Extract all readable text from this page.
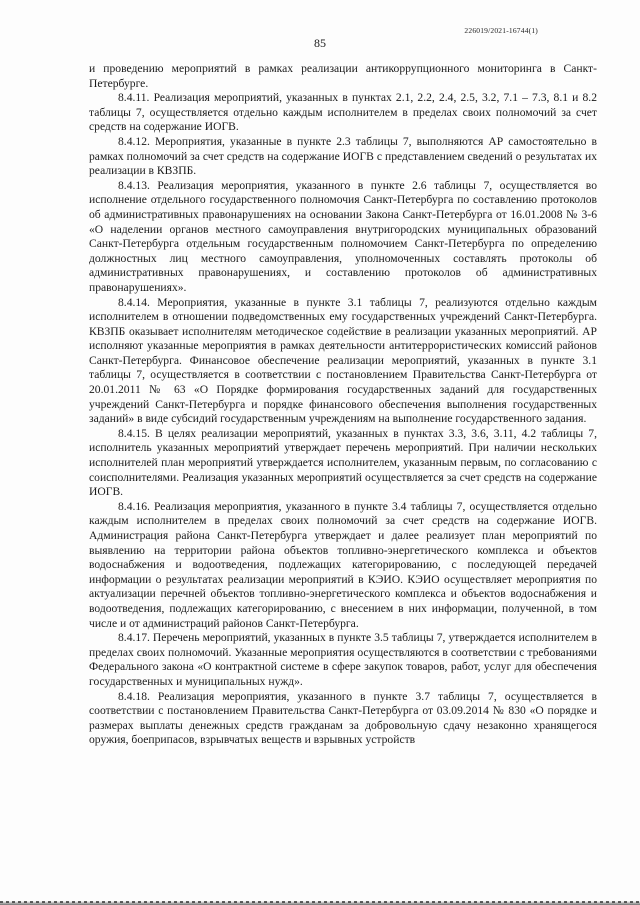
226019/2021-16744(1)
85

и проведению мероприятий в рамках реализации антикоррупционного мониторинга в Санкт-Петербурге.

8.4.11. Реализация мероприятий, указанных в пунктах 2.1, 2.2, 2.4, 2.5, 3.2, 7.1 – 7.3, 8.1 и 8.2 таблицы 7, осуществляется отдельно каждым исполнителем в пределах своих полномочий за счет средств на содержание ИОГВ.

8.4.12. Мероприятия, указанные в пункте 2.3 таблицы 7, выполняются АР самостоятельно в рамках полномочий за счет средств на содержание ИОГВ с представлением сведений о результатах их реализации в КВЗПБ.

8.4.13. Реализация мероприятия, указанного в пункте 2.6 таблицы 7, осуществляется во исполнение отдельного государственного полномочия Санкт-Петербурга по составлению протоколов об административных правонарушениях на основании Закона Санкт-Петербурга от 16.01.2008 № 3-6 «О наделении органов местного самоуправления внутригородских муниципальных образований Санкт-Петербурга отдельным государственным полномочием Санкт-Петербурга по определению должностных лиц местного самоуправления, уполномоченных составлять протоколы об административных правонарушениях, и составлению протоколов об административных правонарушениях».

8.4.14. Мероприятия, указанные в пункте 3.1 таблицы 7, реализуются отдельно каждым исполнителем в отношении подведомственных ему государственных учреждений Санкт-Петербурга. КВЗПБ оказывает исполнителям методическое содействие в реализации указанных мероприятий. АР исполняют указанные мероприятия в рамках деятельности антитеррористических комиссий районов Санкт-Петербурга. Финансовое обеспечение реализации мероприятий, указанных в пункте 3.1 таблицы 7, осуществляется в соответствии с постановлением Правительства Санкт-Петербурга от 20.01.2011 № 63 «О Порядке формирования государственных заданий для государственных учреждений Санкт-Петербурга и порядке финансового обеспечения выполнения государственных заданий» в виде субсидий государственным учреждениям на выполнение государственного задания.

8.4.15. В целях реализации мероприятий, указанных в пунктах 3.3, 3.6, 3.11, 4.2 таблицы 7, исполнитель указанных мероприятий утверждает перечень мероприятий. При наличии нескольких исполнителей план мероприятий утверждается исполнителем, указанным первым, по согласованию с соисполнителями. Реализация указанных мероприятий осуществляется за счет средств на содержание ИОГВ.

8.4.16. Реализация мероприятия, указанного в пункте 3.4 таблицы 7, осуществляется отдельно каждым исполнителем в пределах своих полномочий за счет средств на содержание ИОГВ. Администрация района Санкт-Петербурга утверждает и далее реализует план мероприятий по выявлению на территории района объектов топливно-энергетического комплекса и объектов водоснабжения и водоотведения, подлежащих категорированию, с последующей передачей информации о результатах реализации мероприятий в КЭИО. КЭИО осуществляет мероприятия по актуализации перечней объектов топливно-энергетического комплекса и объектов водоснабжения и водоотведения, подлежащих категорированию, с внесением в них информации, полученной, в том числе и от администраций районов Санкт-Петербурга.

8.4.17. Перечень мероприятий, указанных в пункте 3.5 таблицы 7, утверждается исполнителем в пределах своих полномочий. Указанные мероприятия осуществляются в соответствии с требованиями Федерального закона «О контрактной системе в сфере закупок товаров, работ, услуг для обеспечения государственных и муниципальных нужд».

8.4.18. Реализация мероприятия, указанного в пункте 3.7 таблицы 7, осуществляется в соответствии с постановлением Правительства Санкт-Петербурга от 03.09.2014 № 830 «О порядке и размерах выплаты денежных средств гражданам за добровольную сдачу незаконно хранящегося оружия, боеприпасов, взрывчатых веществ и взрывных устройств
